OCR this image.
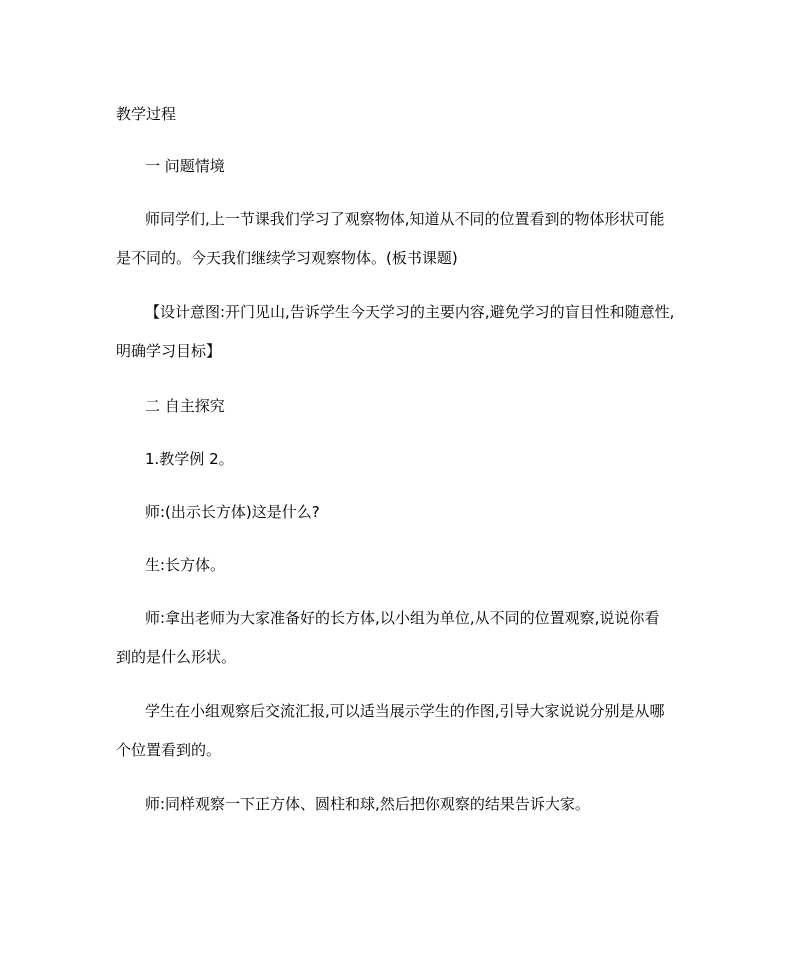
教学过程
一 问题情境
师同学们,上一节课我们学习了观察物体,知道从不同的位置看到的物体形状可能
是不同的。今天我们继续学习观察物体。(板书课题)
【设计意图:开门见山,告诉学生今天学习的主要内容,避免学习的盲目性和随意性,
明确学习目标】
二 自主探究
1.教学例 2。
师:(出示长方体)这是什么?
生:长方体。
师:拿出老师为大家准备好的长方体,以小组为单位,从不同的位置观察,说说你看
到的是什么形状。
学生在小组观察后交流汇报,可以适当展示学生的作图,引导大家说说分别是从哪
个位置看到的。
师:同样观察一下正方体、圆柱和球,然后把你观察的结果告诉大家。
